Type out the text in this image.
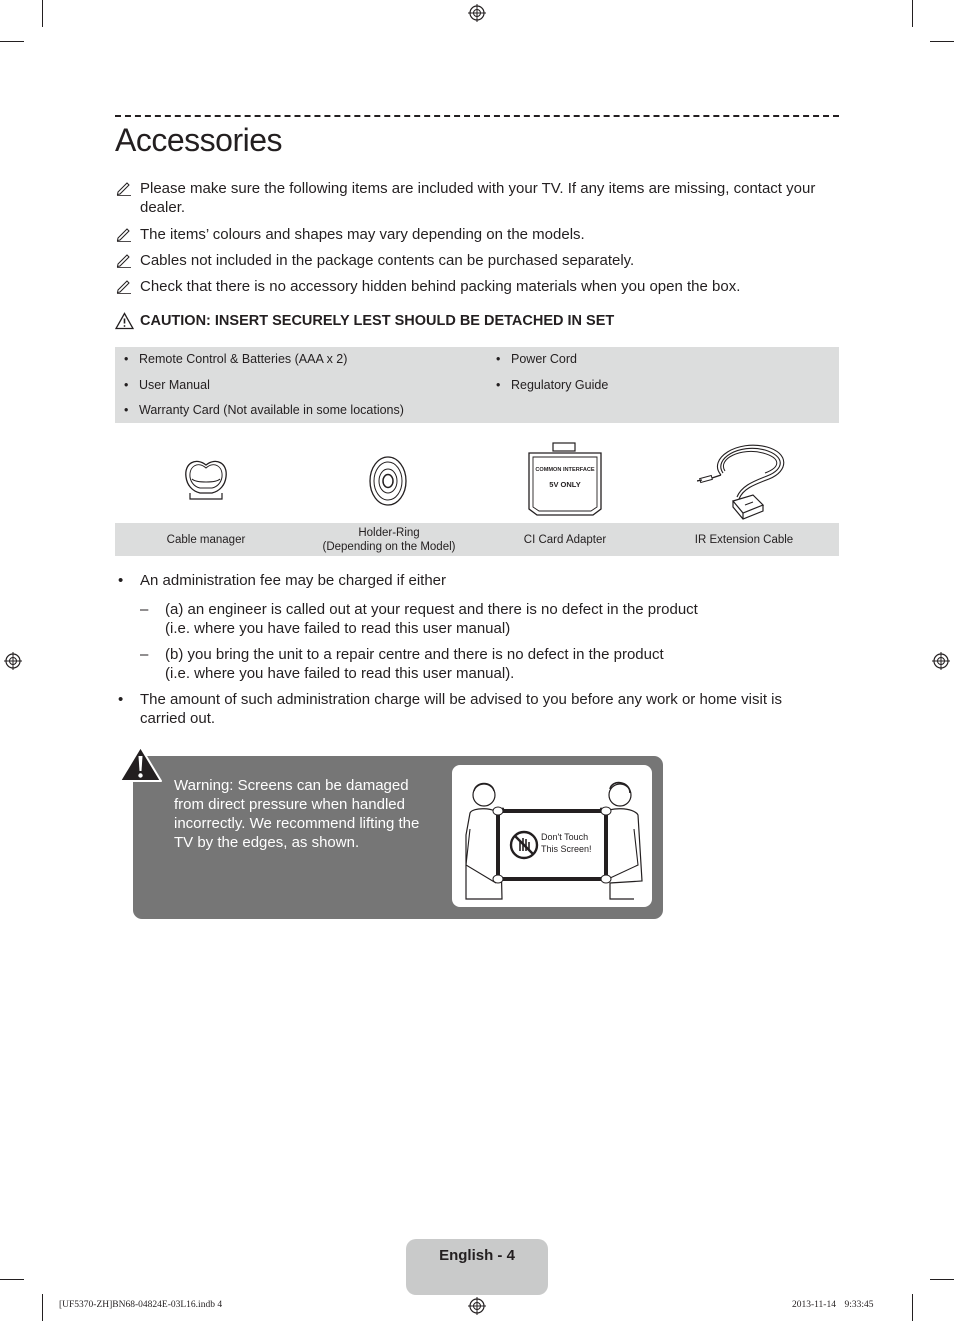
Accessories
Please make sure the following items are included with your TV. If any items are missing, contact your dealer.
The items’ colours and shapes may vary depending on the models.
Cables not included in the package contents can be purchased separately.
Check that there is no accessory hidden behind packing materials when you open the box.
CAUTION: INSERT SECURELY LEST SHOULD BE DETACHED IN SET
• Remote Control & Batteries (AAA x 2)
• User Manual
• Warranty Card (Not available in some locations)
• Power Cord
• Regulatory Guide
COMMON INTERFACE
5V ONLY
Cable manager
Holder-Ring
(Depending on the Model)
CI Card Adapter	IR Extension Cable
• An administration fee may be charged if either
– (a) an engineer is called out at your request and there is no defect in the product
(i.e. where you have failed to read this user manual)
– (b) you bring the unit to a repair centre and there is no defect in the product
(i.e. where you have failed to read this user manual).
• The amount of such administration charge will be advised to you before any work or home visit is
carried out.
Warning: Screens can be damaged from direct pressure when handled incorrectly. We recommend lifting the TV by the edges, as shown.	Don't Touch This Screen!
English - 4
[UF5370-ZH]BN68-04824E-03L16.indb 4	2013-11-14    9:33:45
